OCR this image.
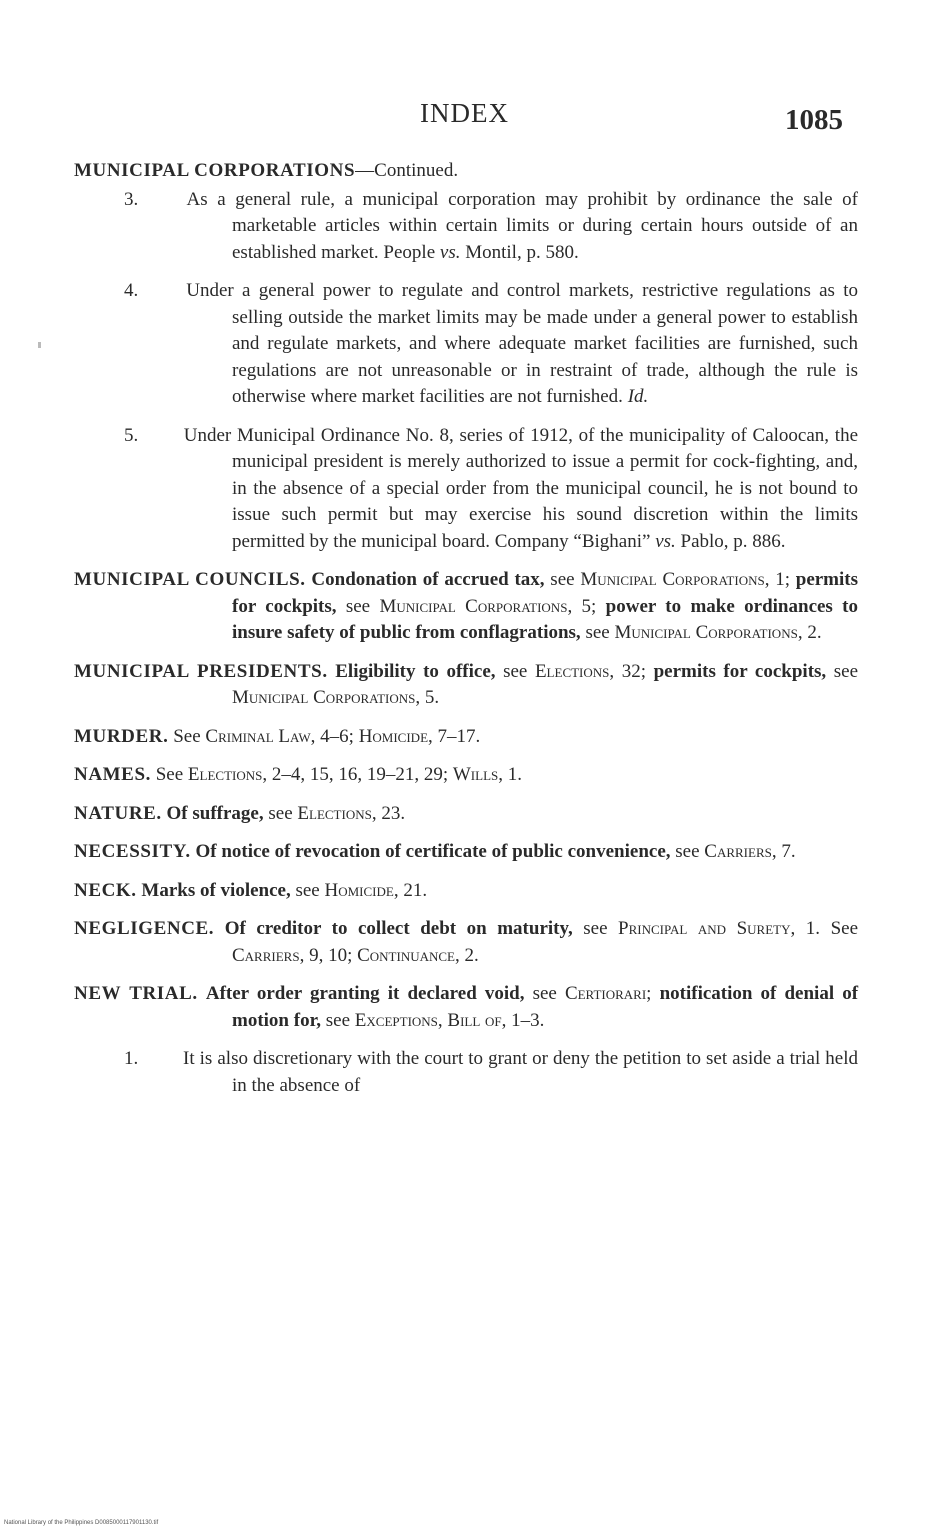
INDEX	1085

MUNICIPAL CORPORATIONS—Continued.

3.	As a general rule, a municipal corporation may prohibit by ordinance the sale of marketable articles within certain limits or during certain hours outside of an established market. People vs. Montil, p. 580.

4.	Under a general power to regulate and control markets, restrictive regulations as to selling outside the market limits may be made under a general power to establish and regulate markets, and where adequate market facilities are furnished, such regulations are not unreasonable or in restraint of trade, although the rule is otherwise where market facilities are not furnished. Id.

5. Under Municipal Ordinance No. 8, series of 1912, of the municipality of Caloocan, the municipal president is merely authorized to issue a permit for cock-fighting, and, in the absence of a special order from the municipal council, he is not bound to issue such permit but may exercise his sound discretion within the limits permitted by the municipal board. Company “Bighani” vs. Pablo, p. 886.

MUNICIPAL COUNCILS. Condonation of accrued tax, see Municipal Corporations, 1; permits for cockpits, see Municipal Corporations, 5; power to make ordinances to insure safety of public from conflagrations, see Municipal Corporations, 2.

MUNICIPAL PRESIDENTS. Eligibility to office, see Elections, 32; permits for cockpits, see Municipal Corporations, 5.

MURDER. See Criminal Law, 4–6; Homicide, 7–17.

NAMES. See Elections, 2–4, 15, 16, 19–21, 29; Wills, 1.

NATURE. Of suffrage, see Elections, 23.

NECESSITY. Of notice of revocation of certificate of public convenience, see Carriers, 7.

NECK. Marks of violence, see Homicide, 21.

NEGLIGENCE. Of creditor to collect debt on maturity, see Principal and Surety, 1. See Carriers, 9, 10; Continuance, 2.

NEW TRIAL. After order granting it declared void, see Certiorari; notification of denial of motion for, see Exceptions, Bill of, 1–3.

1. It is also discretionary with the court to grant or deny the petition to set aside a trial held in the absence of

National Library of the Philippines D0085000117901130.tif
